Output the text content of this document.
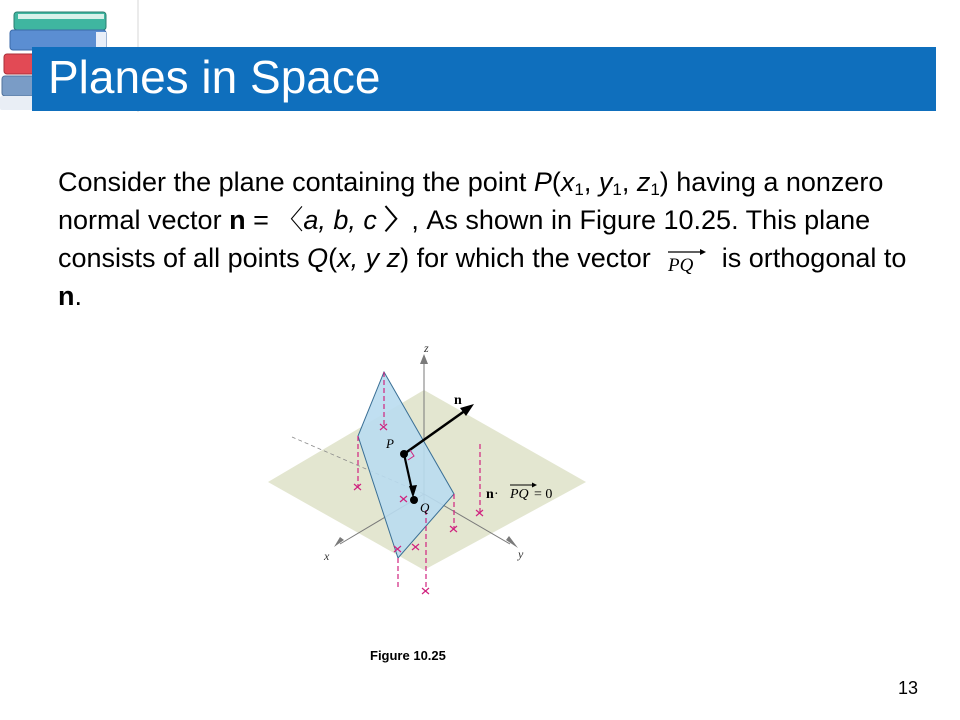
Planes in Space
Consider the plane containing the point $P(x_1$, $y_1$, $z_1$) having a nonzero normal vector n = 〈a, b, c 〉, As shown in Figure 10.25. This plane consists of all points Q(x, y z) for which the vector PQ is orthogonal to n.
z
x	y
n
P
Q
n · PQ = 0
Figure 10.25
13
